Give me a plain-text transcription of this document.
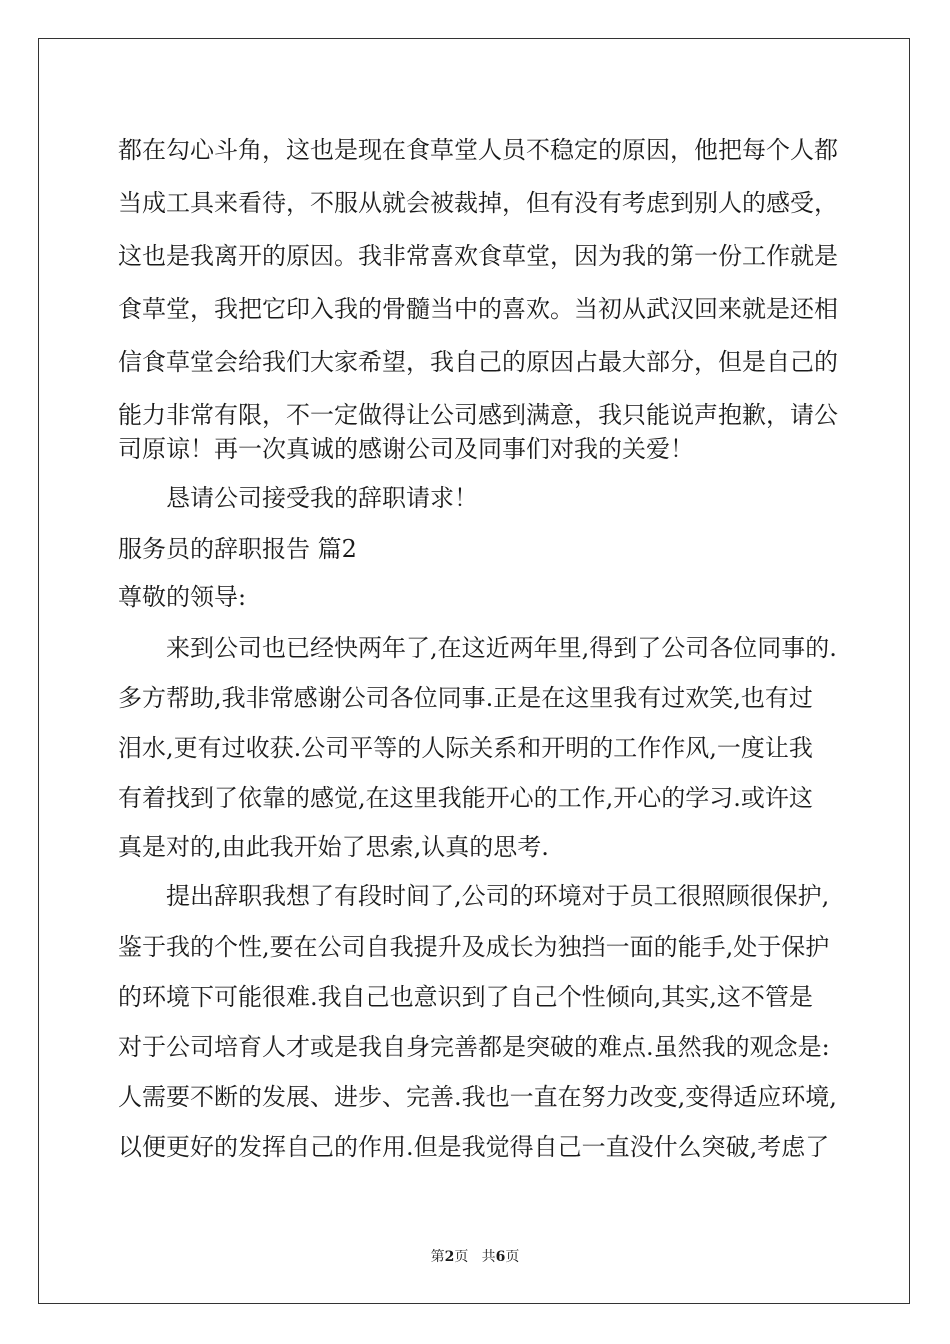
都在勾心斗角，这也是现在食草堂人员不稳定的原因，他把每个人都
当成工具来看待，不服从就会被裁掉，但有没有考虑到别人的感受，
这也是我离开的原因。我非常喜欢食草堂，因为我的第一份工作就是
食草堂，我把它印入我的骨髓当中的喜欢。当初从武汉回来就是还相
信食草堂会给我们大家希望，我自己的原因占最大部分，但是自己的
能力非常有限，不一定做得让公司感到满意，我只能说声抱歉，请公
司原谅！再一次真诚的感谢公司及同事们对我的关爱！
恳请公司接受我的辞职请求！
服务员的辞职报告 篇2
尊敬的领导:
来到公司也已经快两年了,在这近两年里,得到了公司各位同事的.
多方帮助,我非常感谢公司各位同事.正是在这里我有过欢笑,也有过
泪水,更有过收获.公司平等的人际关系和开明的工作作风,一度让我
有着找到了依靠的感觉,在这里我能开心的工作,开心的学习.或许这
真是对的,由此我开始了思索,认真的思考.
提出辞职我想了有段时间了,公司的环境对于员工很照顾很保护,
鉴于我的个性,要在公司自我提升及成长为独挡一面的能手,处于保护
的环境下可能很难.我自己也意识到了自己个性倾向,其实,这不管是
对于公司培育人才或是我自身完善都是突破的难点.虽然我的观念是:
人需要不断的发展、进步、完善.我也一直在努力改变,变得适应环境,
以便更好的发挥自己的作用.但是我觉得自己一直没什么突破,考虑了
第2页 共6页
